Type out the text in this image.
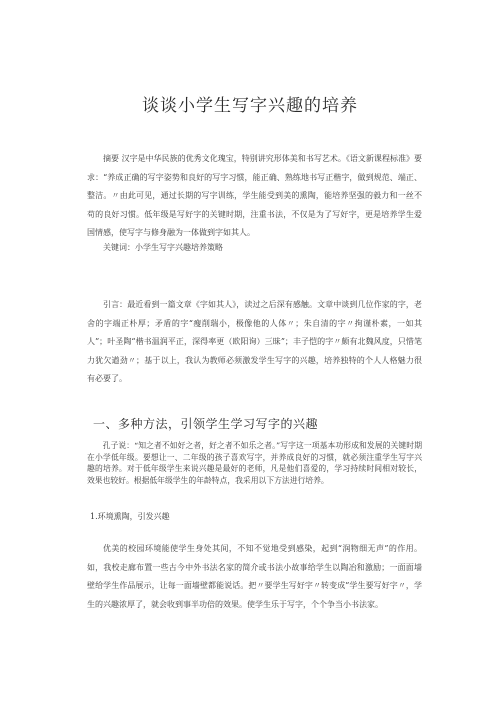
谈谈小学生写字兴趣的培养

摘要 汉字是中华民族的优秀文化瑰宝，特别讲究形体美和书写艺术。《语文新课程标准》要求：“养成正确的写字姿势和良好的写字习惯，能正确、熟练地书写正楷字，做到规范、端正、整洁。〃由此可见，通过长期的写字训练，学生能受到美的熏陶，能培养坚强的毅力和一丝不苟的良好习惯。低年级是写好字的关键时期，注重书法，不仅是为了写好字，更是培养学生爱国情感，使写字与修身融为一体做到字如其人。

关键词：小学生写字兴趣培养策略

引言：最近看到一篇文章《字如其人》，读过之后深有感触。文章中谈到几位作家的字，老舍的字端正朴厚；矛盾的字“瘦削瑞小，极像他的人体〃；朱自清的字〃拘谨朴素，一如其人”；叶圣陶“楷书温润平正，深得率更（欧阳询）三昧”；丰子恺的字〃颇有北魏风度，只惜笔力犹欠遒劲〃；基于以上，我认为教师必须激发学生写字的兴趣，培养独特的个人人格魅力很有必要了。

一、多种方法，引领学生学习写字的兴趣

孔子说：“知之者不如好之者，好之者不如乐之者。”写字这一项基本功形成和发展的关键时期在小学低年级。要想让一、二年级的孩子喜欢写字，并养成良好的习惯，就必须注重学生写字兴趣的培养。对于低年级学生来说兴趣是最好的老师，凡是他们喜爱的，学习持续时间相对较长，效果也较好。根据低年级学生的年龄特点，我采用以下方法进行培养。

1.环境熏陶，引发兴趣

优美的校园环境能使学生身处其间，不知不觉地受到感染，起到“润物细无声”的作用。如，我校走廊布置一些古今中外书法名家的简介或书法小故事给学生以陶冶和激励；一面面墙壁给学生作品展示，让每一面墙壁都能说话。把〃要学生写好字〃转变成”学生要写好字〃，学生的兴趣浓厚了，就会收到事半功倍的效果。使学生乐于写字，个个争当小书法家。
